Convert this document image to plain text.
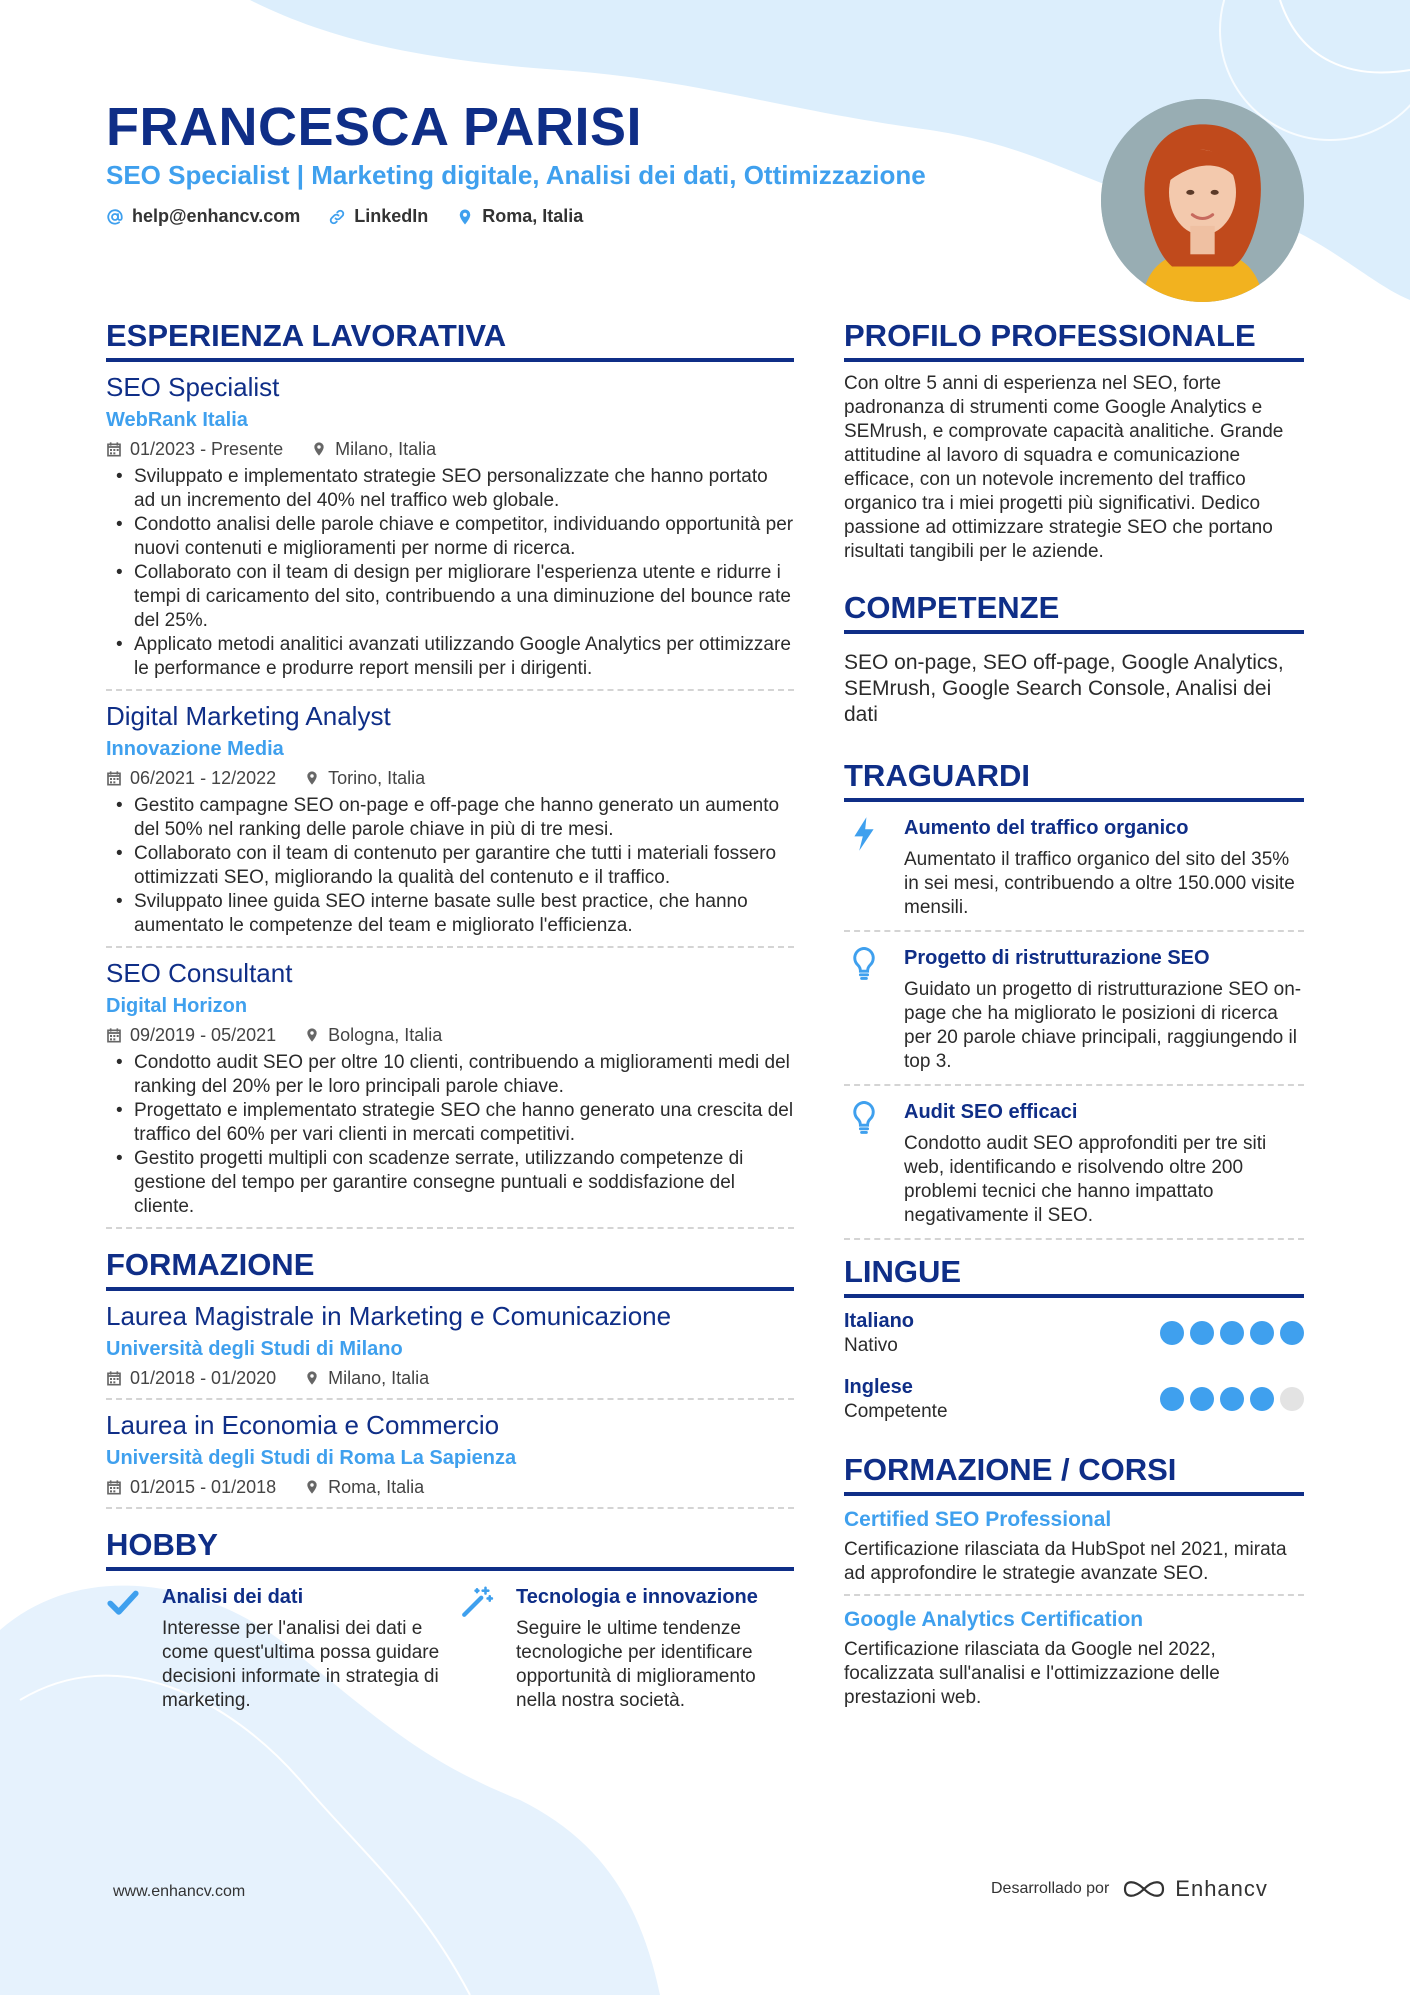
FRANCESCA PARISI
SEO Specialist | Marketing digitale, Analisi dei dati, Ottimizzazione
help@enhancv.com	LinkedIn	Roma, Italia
ESPERIENZA LAVORATIVA
SEO Specialist
WebRank Italia
01/2023 - Presente	Milano, Italia
• Sviluppato e implementato strategie SEO personalizzate che hanno portato ad un incremento del 40% nel traffico web globale.
• Condotto analisi delle parole chiave e competitor, individuando opportunità per nuovi contenuti e miglioramenti per norme di ricerca.
• Collaborato con il team di design per migliorare l'esperienza utente e ridurre i tempi di caricamento del sito, contribuendo a una diminuzione del bounce rate del 25%.
• Applicato metodi analitici avanzati utilizzando Google Analytics per ottimizzare le performance e produrre report mensili per i dirigenti.
Digital Marketing Analyst
Innovazione Media
06/2021 - 12/2022	Torino, Italia
• Gestito campagne SEO on-page e off-page che hanno generato un aumento del 50% nel ranking delle parole chiave in più di tre mesi.
• Collaborato con il team di contenuto per garantire che tutti i materiali fossero ottimizzati SEO, migliorando la qualità del contenuto e il traffico.
• Sviluppato linee guida SEO interne basate sulle best practice, che hanno aumentato le competenze del team e migliorato l'efficienza.
SEO Consultant
Digital Horizon
09/2019 - 05/2021	Bologna, Italia
• Condotto audit SEO per oltre 10 clienti, contribuendo a miglioramenti medi del ranking del 20% per le loro principali parole chiave.
• Progettato e implementato strategie SEO che hanno generato una crescita del traffico del 60% per vari clienti in mercati competitivi.
• Gestito progetti multipli con scadenze serrate, utilizzando competenze di gestione del tempo per garantire consegne puntuali e soddisfazione del cliente.
FORMAZIONE
Laurea Magistrale in Marketing e Comunicazione
Università degli Studi di Milano
01/2018 - 01/2020	Milano, Italia
Laurea in Economia e Commercio
Università degli Studi di Roma La Sapienza
01/2015 - 01/2018	Roma, Italia
HOBBY
Analisi dei dati
Interesse per l'analisi dei dati e come quest'ultima possa guidare decisioni informate in strategia di marketing.
Tecnologia e innovazione
Seguire le ultime tendenze tecnologiche per identificare opportunità di miglioramento nella nostra società.
PROFILO PROFESSIONALE
Con oltre 5 anni di esperienza nel SEO, forte padronanza di strumenti come Google Analytics e SEMrush, e comprovate capacità analitiche. Grande attitudine al lavoro di squadra e comunicazione efficace, con un notevole incremento del traffico organico tra i miei progetti più significativi. Dedico passione ad ottimizzare strategie SEO che portano risultati tangibili per le aziende.
COMPETENZE
SEO on-page, SEO off-page, Google Analytics, SEMrush, Google Search Console, Analisi dei dati
TRAGUARDI
Aumento del traffico organico
Aumentato il traffico organico del sito del 35% in sei mesi, contribuendo a oltre 150.000 visite mensili.
Progetto di ristrutturazione SEO
Guidato un progetto di ristrutturazione SEO on-page che ha migliorato le posizioni di ricerca per 20 parole chiave principali, raggiungendo il top 3.
Audit SEO efficaci
Condotto audit SEO approfonditi per tre siti web, identificando e risolvendo oltre 200 problemi tecnici che hanno impattato negativamente il SEO.
LINGUE
Italiano
Nativo
Inglese
Competente
FORMAZIONE / CORSI
Certified SEO Professional
Certificazione rilasciata da HubSpot nel 2021, mirata ad approfondire le strategie avanzate SEO.
Google Analytics Certification
Certificazione rilasciata da Google nel 2022, focalizzata sull'analisi e l'ottimizzazione delle prestazioni web.
www.enhancv.com	Desarrollado por	Enhancv
